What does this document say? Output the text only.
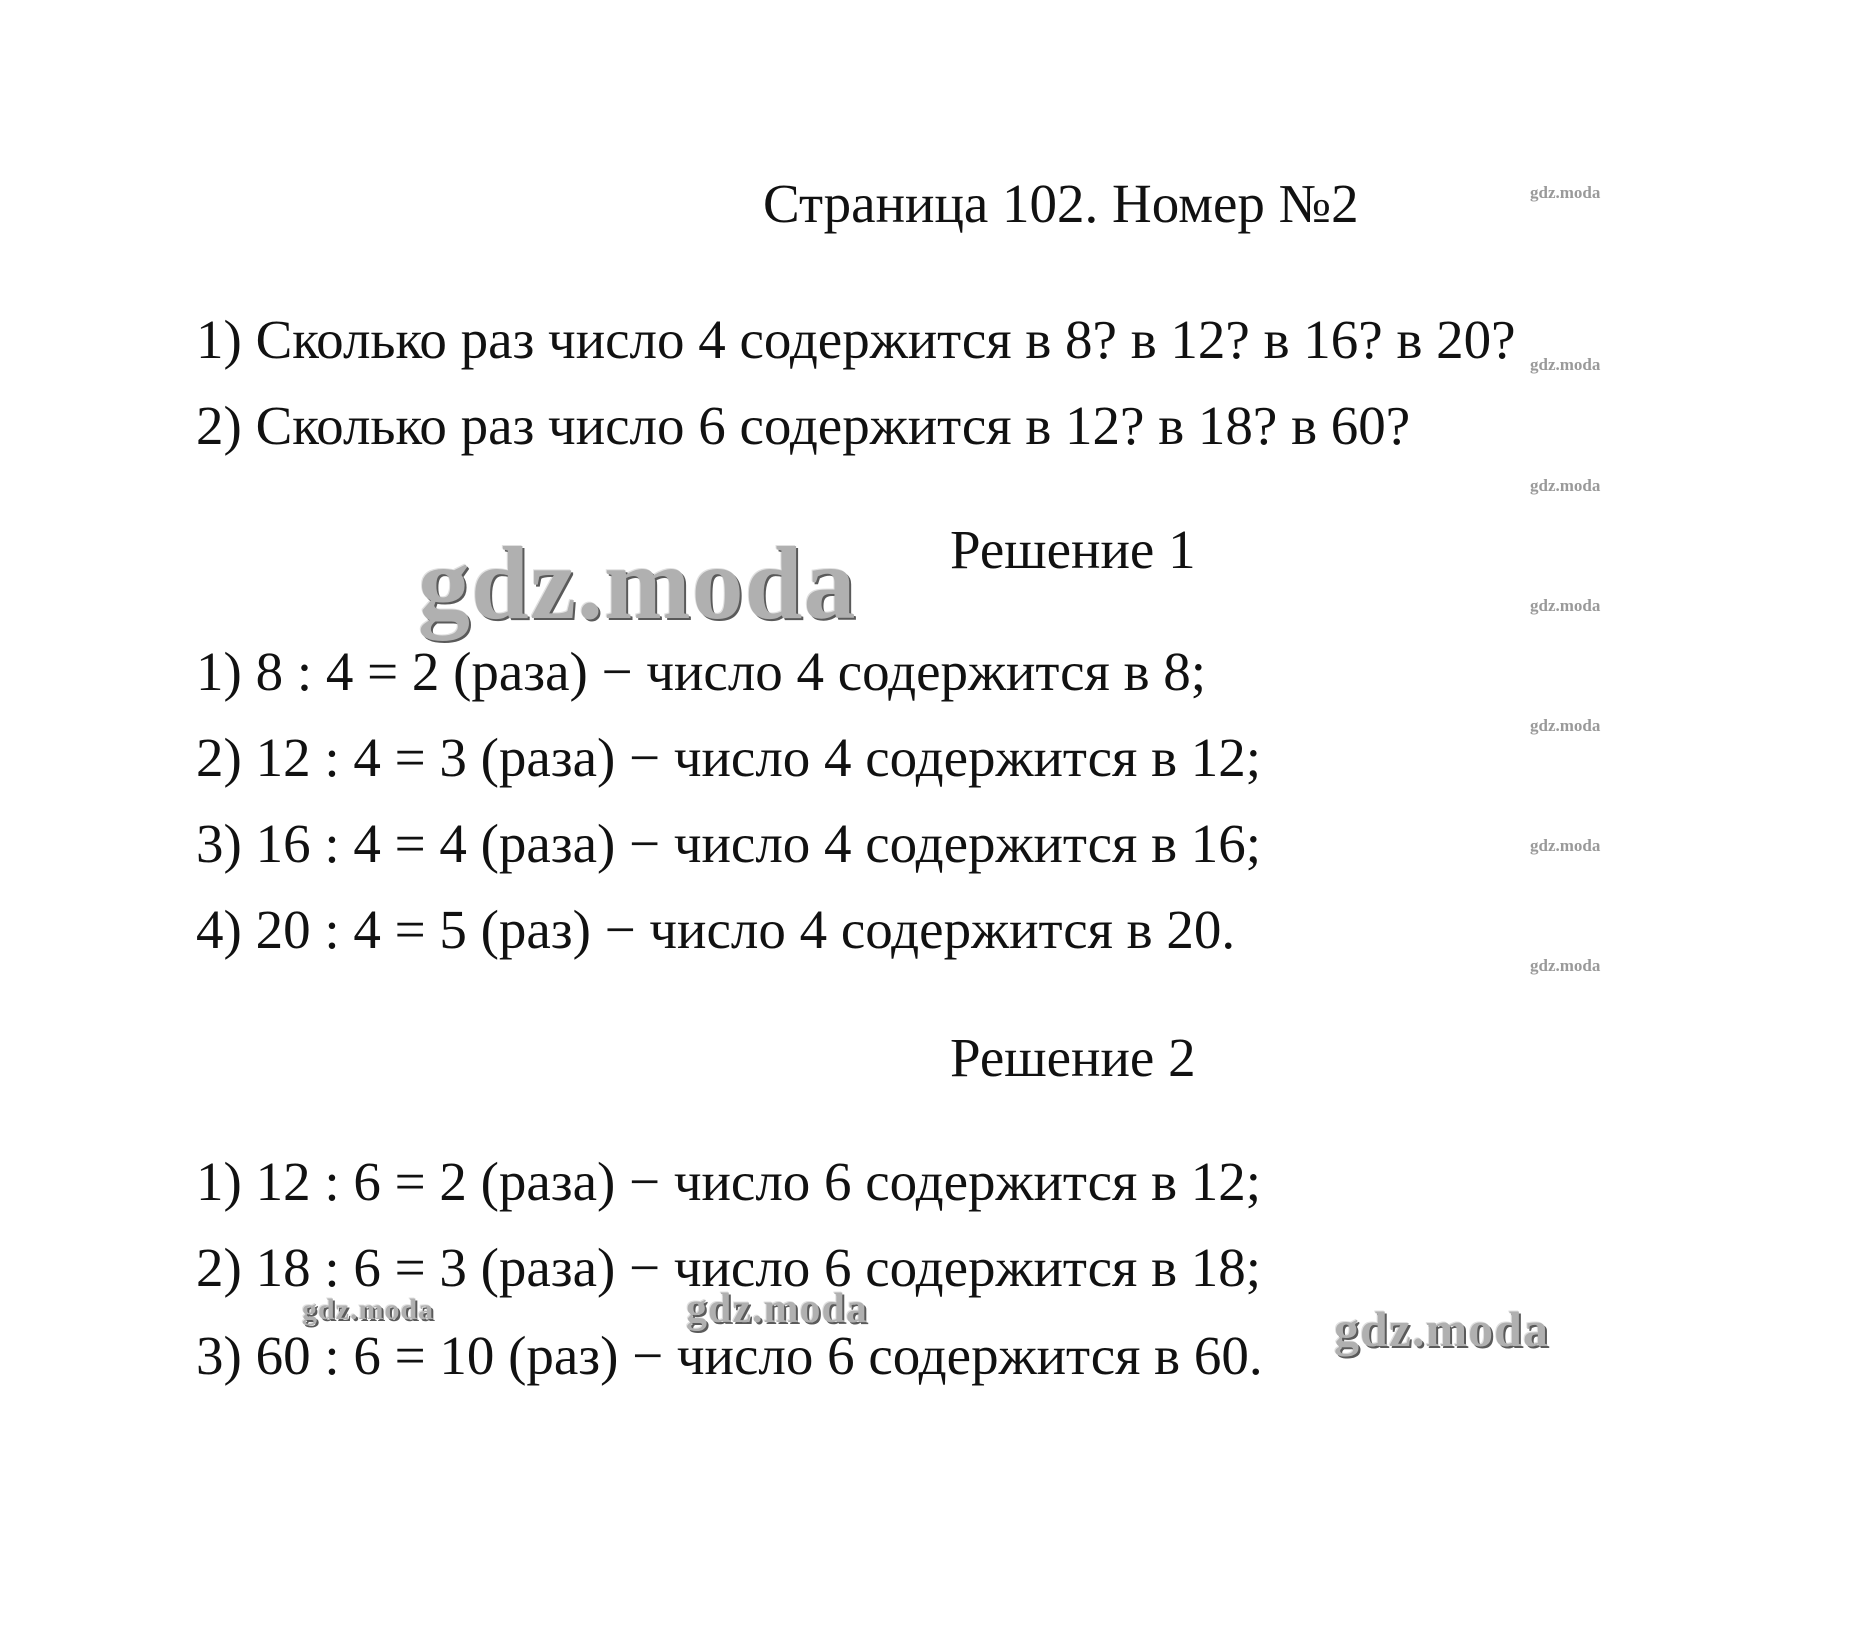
Страница 102. Номер №2
1) Сколько раз число 4 содержится в 8? в 12? в 16? в 20?
2) Сколько раз число 6 содержится в 12? в 18? в 60?
Решение 1
1) 8 : 4 = 2 (раза) − число 4 содержится в 8;
2) 12 : 4 = 3 (раза) − число 4 содержится в 12;
3) 16 : 4 = 4 (раза) − число 4 содержится в 16;
4) 20 : 4 = 5 (раз) − число 4 содержится в 20.
Решение 2
1) 12 : 6 = 2 (раза) − число 6 содержится в 12;
2) 18 : 6 = 3 (раза) − число 6 содержится в 18;
3) 60 : 6 = 10 (раз) − число 6 содержится в 60.
gdz.moda
gdz.moda
gdz.moda
gdz.moda
gdz.moda
gdz.moda
gdz.moda
gdz.moda
gdz.moda	gdz.moda	gdz.moda
